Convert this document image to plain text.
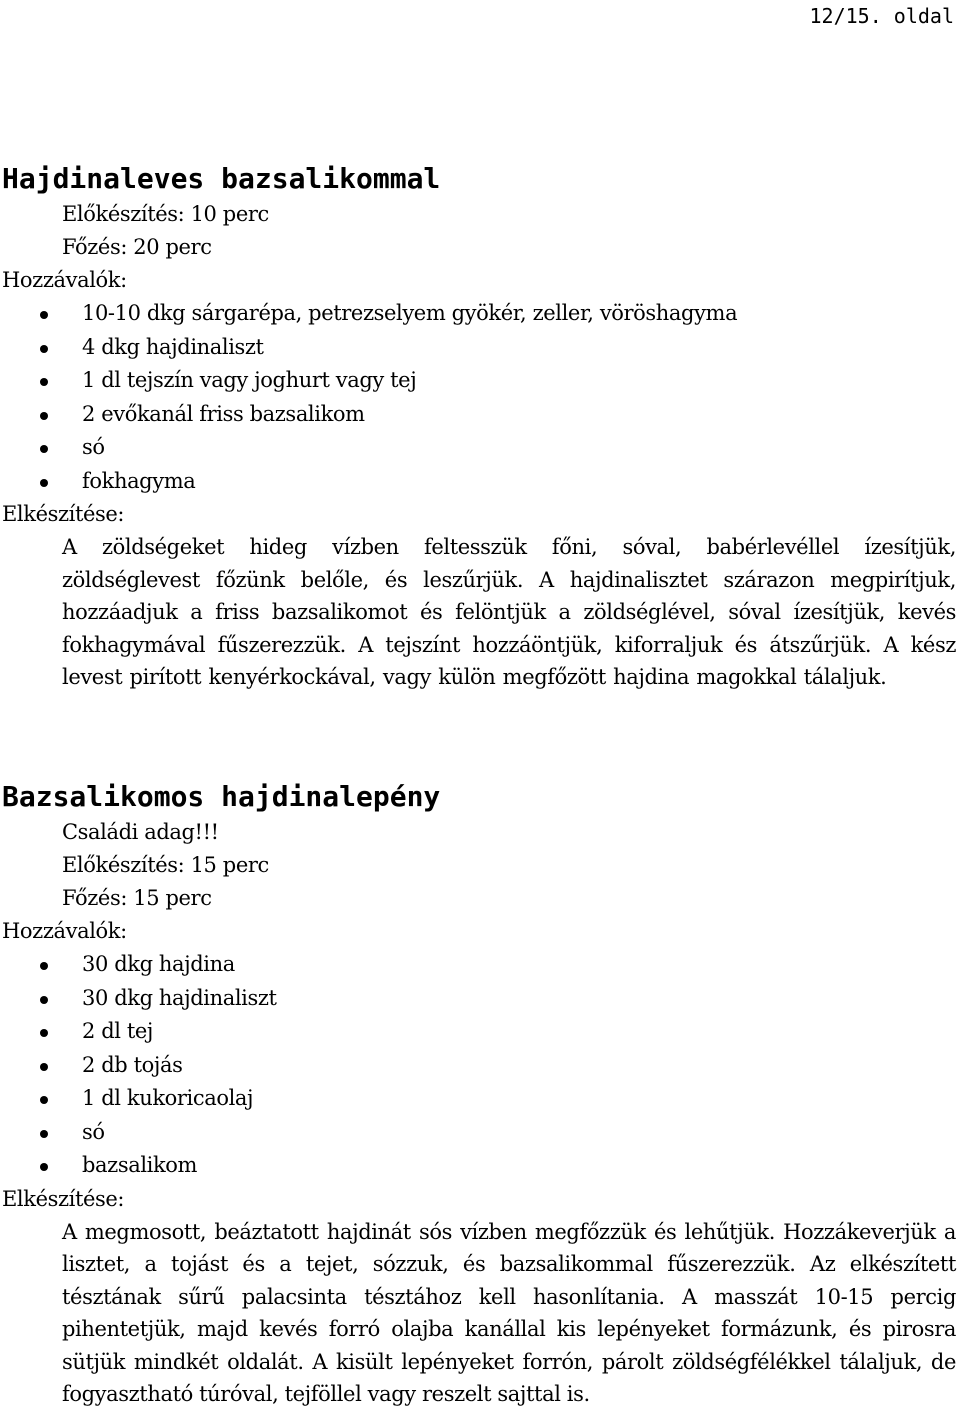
12/15. oldal
Hajdinaleves bazsalikommal
Előkészítés: 10 perc
Főzés: 20 perc
Hozzávalók:
10-10 dkg sárgarépa, petrezselyem gyökér, zeller, vöröshagyma
4 dkg hajdinaliszt
1 dl tejszín vagy joghurt vagy tej
2 evőkanál friss bazsalikom
só
fokhagyma
Elkészítése:

A zöldségeket hideg vízben feltesszük főni, sóval, babérlevéllel ízesítjük, zöldséglevest főzünk belőle, és leszűrjük. A hajdinalisztet szárazon megpirítjuk, hozzáadjuk a friss bazsalikomot és felöntjük a zöldséglével, sóval ízesítjük, kevés fokhagymával fűszerezzük. A tejszínt hozzáöntjük, kiforraljuk és átszűrjük. A kész levest pirított kenyérkockával, vagy külön megfőzött hajdina magokkal tálaljuk.

Bazsalikomos hajdinalepény
Családi adag!!!
Előkészítés: 15 perc
Főzés: 15 perc
Hozzávalók:
30 dkg hajdina
30 dkg hajdinaliszt
2 dl tej
2 db tojás
1 dl kukoricaolaj
só
bazsalikom
Elkészítése:

A megmosott, beáztatott hajdinát sós vízben megfőzzük és lehűtjük. Hozzákeverjük a lisztet, a tojást és a tejet, sózzuk, és bazsalikommal fűszerezzük. Az elkészített tésztának sűrű palacsinta tésztához kell hasonlítania. A masszát 10-15 percig pihentetjük, majd kevés forró olajba kanállal kis lepényeket formázunk, és pirosra sütjük mindkét oldalát. A kisült lepényeket forrón, párolt zöldségfélékkel tálaljuk, de fogyasztható túróval, tejföllel vagy reszelt sajttal is.
